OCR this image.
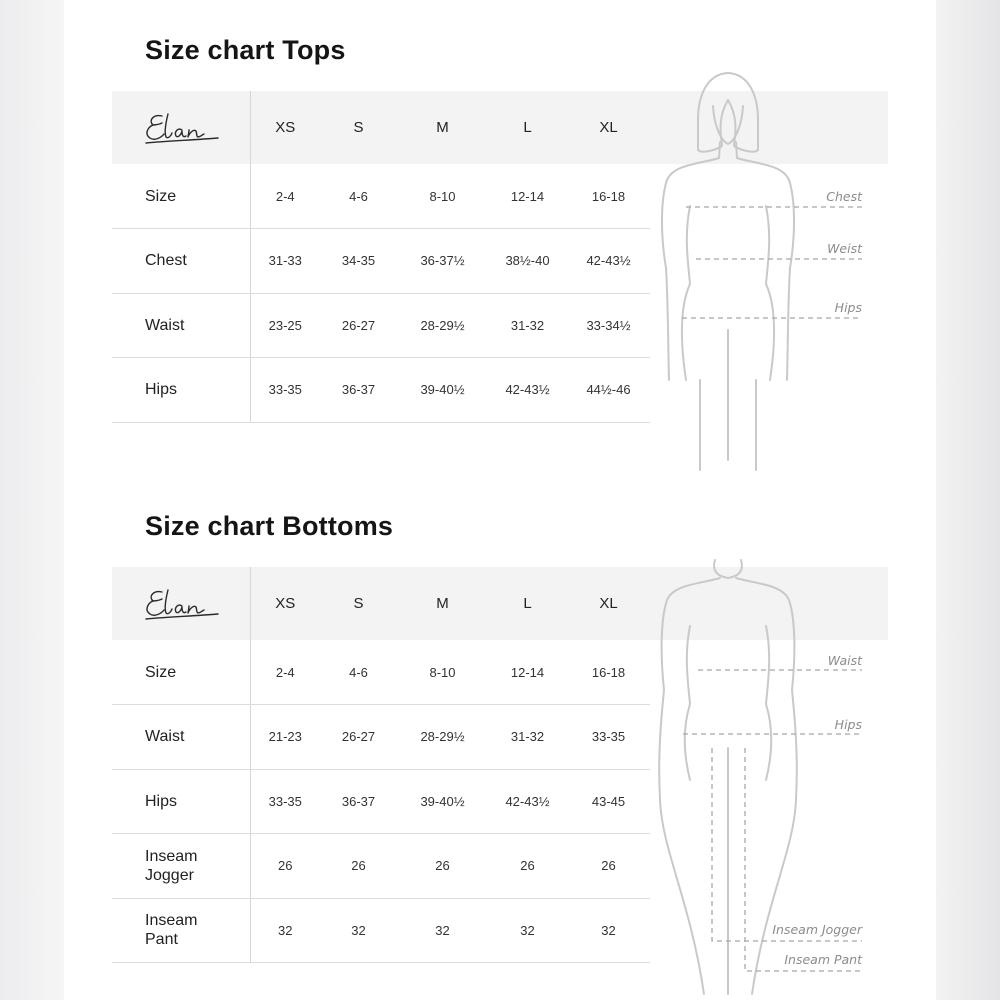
Chest
Weist
Hips
Waist
Hips
Inseam Jogger
Inseam Pant
Size chart Tops
	XS	S	M	L	XL
Size	2-4	4-6	8-10	12-14	16-18
Chest	31-33	34-35	36-37½	38½-40	42-43½
Waist	23-25	26-27	28-29½	31-32	33-34½
Hips	33-35	36-37	39-40½	42-43½	44½-46
Size chart Bottoms
	XS	S	M	L	XL
Size	2-4	4-6	8-10	12-14	16-18
Waist	21-23	26-27	28-29½	31-32	33-35
Hips	33-35	36-37	39-40½	42-43½	43-45
Inseam Jogger	26	26	26	26	26
Inseam Pant	32	32	32	32	32
